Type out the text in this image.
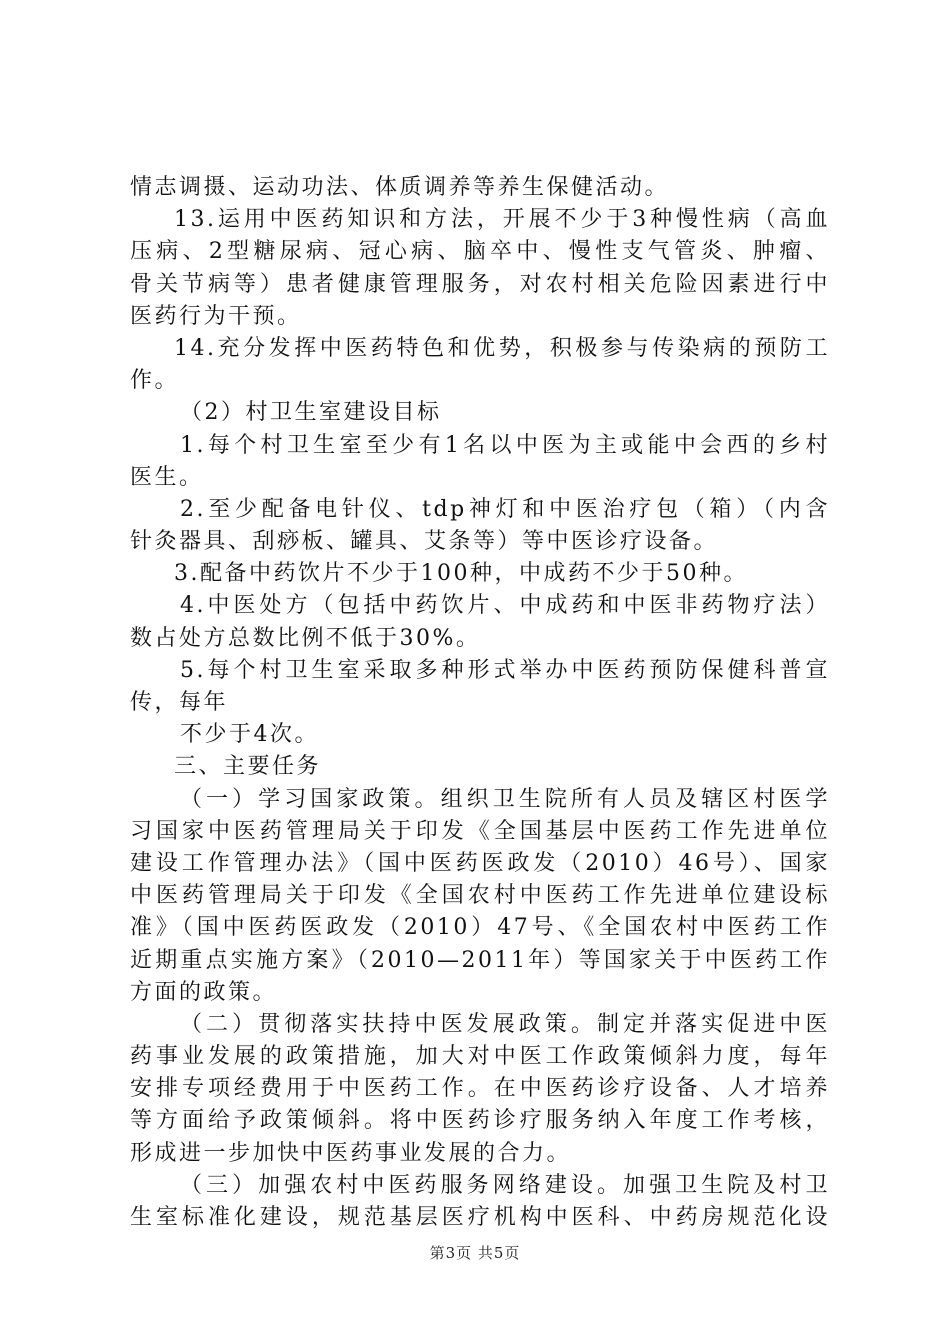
情志调摄、运动功法、体质调养等养生保健活动。
13.运用中医药知识和方法，开展不少于3种慢性病（高血
压病、2型糖尿病、冠心病、脑卒中、慢性支气管炎、肿瘤、
骨关节病等）患者健康管理服务，对农村相关危险因素进行中
医药行为干预。
14.充分发挥中医药特色和优势，积极参与传染病的预防工
作。
（2）村卫生室建设目标
1.每个村卫生室至少有1名以中医为主或能中会西的乡村
医生。
2.至少配备电针仪、tdp神灯和中医治疗包（箱）（内含
针灸器具、刮痧板、罐具、艾条等）等中医诊疗设备。
3.配备中药饮片不少于100种，中成药不少于50种。
4.中医处方（包括中药饮片、中成药和中医非药物疗法）
数占处方总数比例不低于30%。
5.每个村卫生室采取多种形式举办中医药预防保健科普宣
传，每年
不少于4次。
三、主要任务
（一）学习国家政策。组织卫生院所有人员及辖区村医学
习国家中医药管理局关于印发《全国基层中医药工作先进单位
建设工作管理办法》（国中医药医政发（2010）46号）、国家
中医药管理局关于印发《全国农村中医药工作先进单位建设标
准》（国中医药医政发（2010）47号、《全国农村中医药工作
近期重点实施方案》（2010—2011年）等国家关于中医药工作
方面的政策。
（二）贯彻落实扶持中医发展政策。制定并落实促进中医
药事业发展的政策措施，加大对中医工作政策倾斜力度，每年
安排专项经费用于中医药工作。在中医药诊疗设备、人才培养
等方面给予政策倾斜。将中医药诊疗服务纳入年度工作考核，
形成进一步加快中医药事业发展的合力。
（三）加强农村中医药服务网络建设。加强卫生院及村卫
生室标准化建设，规范基层医疗机构中医科、中药房规范化设
第3页 共5页
